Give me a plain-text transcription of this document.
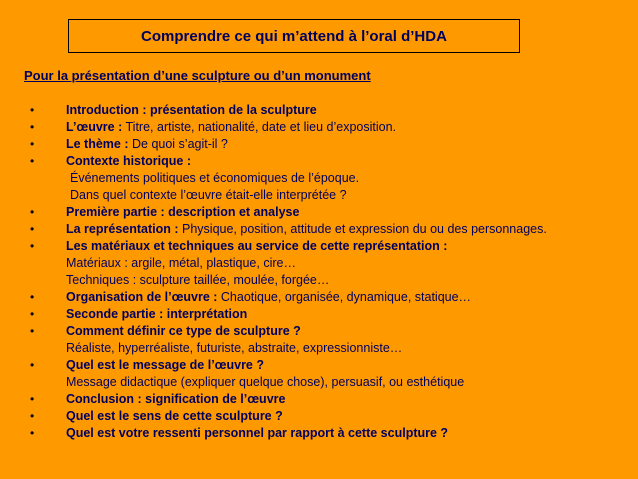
Comprendre ce qui m’attend à l’oral d’HDA
Pour la présentation d’une sculpture ou d’un monument
•	Introduction : présentation de la sculpture
•	L’œuvre : Titre, artiste, nationalité, date et lieu d’exposition.
•	Le thème : De quoi s’agit-il ?
•	Contexte historique :
Événements politiques et économiques de l’époque.
Dans quel contexte l’œuvre était-elle interprétée ?
•	Première partie : description et analyse
•	La représentation : Physique, position, attitude et expression du ou des personnages.
•	Les matériaux et techniques au service de cette représentation :
Matériaux : argile, métal, plastique, cire…
Techniques : sculpture taillée, moulée, forgée…
•	Organisation de l’œuvre : Chaotique, organisée, dynamique, statique…
•	Seconde partie : interprétation
•	Comment définir ce type de sculpture ?
Réaliste, hyperréaliste, futuriste, abstraite, expressionniste…
•	Quel est le message de l’œuvre ?
Message didactique (expliquer quelque chose), persuasif, ou esthétique
•	Conclusion : signification de l’œuvre
•	Quel est le sens de cette sculpture ?
•	Quel est votre ressenti personnel par rapport à cette sculpture ?
